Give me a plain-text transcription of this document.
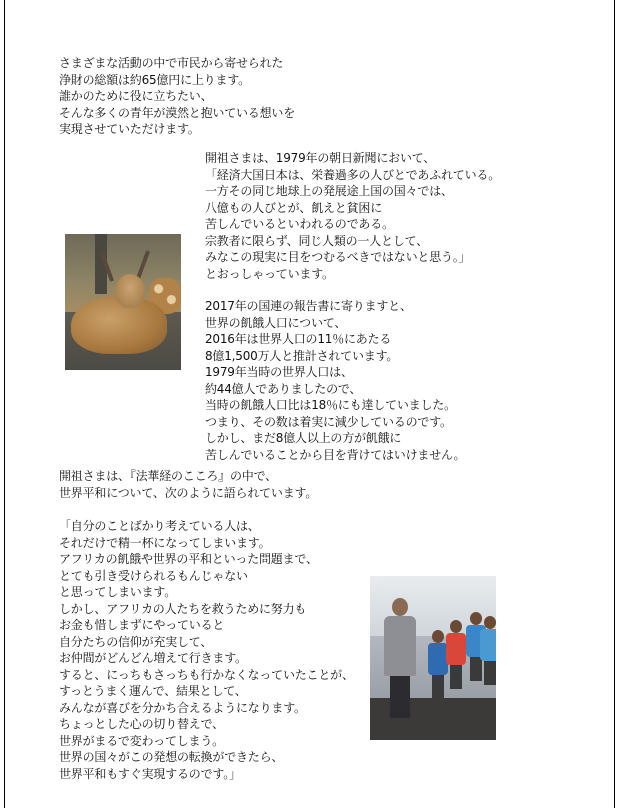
さまざまな活動の中で市民から寄せられた
浄財の総額は約65億円に上ります。
誰かのために役に立ちたい、
そんな多くの青年が漠然と抱いている想いを
実現させていただけます。
開祖さまは、1979年の朝日新聞において、
「経済大国日本は、栄養過多の人びとであふれている。
一方その同じ地球上の発展途上国の国々では、
八億もの人びとが、飢えと貧困に
苦しんでいるといわれるのである。
宗教者に限らず、同じ人類の一人として、
みなこの現実に目をつむるべきではないと思う。」
とおっしゃっています。
2017年の国連の報告書に寄りますと、
世界の飢餓人口について、
2016年は世界人口の11％にあたる
8億1,500万人と推計されています。
1979年当時の世界人口は、
約44億人でありましたので、
当時の飢餓人口比は18％にも達していました。
つまり、その数は着実に減少しているのです。
しかし、まだ8億人以上の方が飢餓に
苦しんでいることから目を背けてはいけません。
開祖さまは、『法華経のこころ』の中で、
世界平和について、次のように語られています。
「自分のことばかり考えている人は、
それだけで精一杯になってしまいます。
アフリカの飢餓や世界の平和といった問題まで、
とても引き受けられるもんじゃない
と思ってしまいます。
しかし、アフリカの人たちを救うために努力も
お金も惜しまずにやっていると
自分たちの信仰が充実して、
お仲間がどんどん増えて行きます。
すると、にっちもさっちも行かなくなっていたことが、
すっとうまく運んで、結果として、
みんなが喜びを分かち合えるようになります。
ちょっとした心の切り替えで、
世界がまるで変わってしまう。
世界の国々がこの発想の転換ができたら、
世界平和もすぐ実現するのです。」
